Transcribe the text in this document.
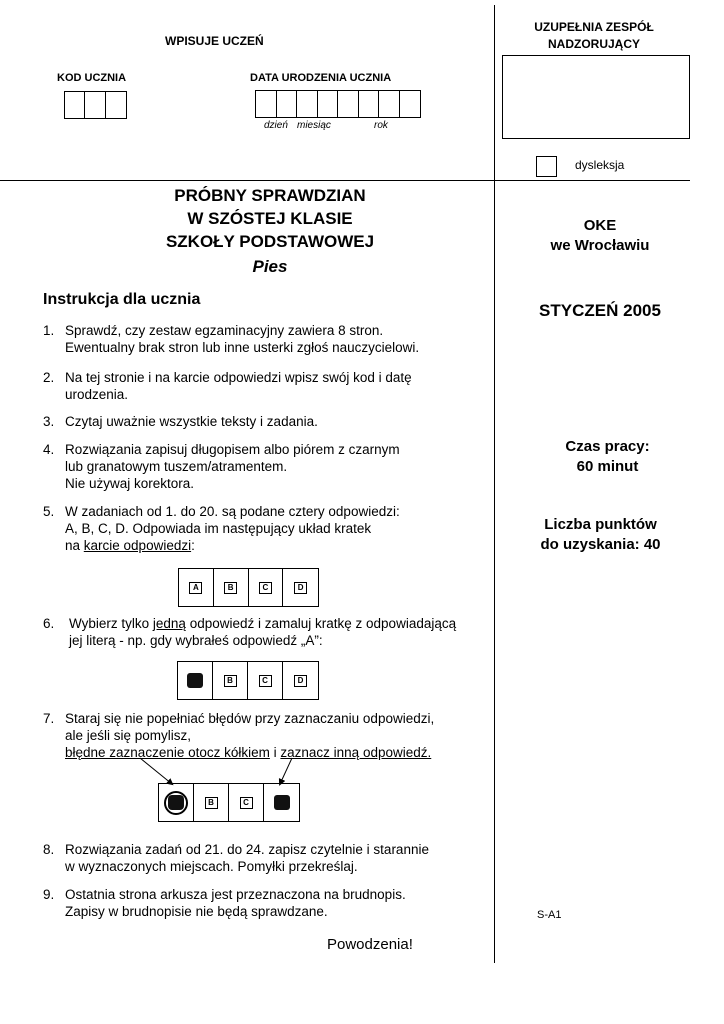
WPISUJE UCZEŃ
KOD UCZNIA	DATA URODZENIA UCZNIA
dzień miesiąc	rok
UZUPEŁNIA ZESPÓŁ
NADZORUJĄCY
dysleksja
PRÓBNY SPRAWDZIAN
W SZÓSTEJ KLASIE
SZKOŁY PODSTAWOWEJ
Pies
OKE
we Wrocławiu
STYCZEŃ 2005
Czas pracy:
60 minut
Liczba punktów
do uzyskania: 40
S-A1
Instrukcja dla ucznia
1. Sprawdź, czy zestaw egzaminacyjny zawiera 8 stron.
Ewentualny brak stron lub inne usterki zgłoś nauczycielowi.
2. Na tej stronie i na karcie odpowiedzi wpisz swój kod i datę
urodzenia.
3. Czytaj uważnie wszystkie teksty i zadania.
4. Rozwiązania zapisuj długopisem albo piórem z czarnym
lub granatowym tuszem/atramentem.
Nie używaj korektora.
5. W zadaniach od 1. do 20. są podane cztery odpowiedzi:
A, B, C, D. Odpowiada im następujący układ kratek
na karcie odpowiedzi:
A	B	C	D
6. Wybierz tylko jedną odpowiedź i zamaluj kratkę z odpowiadającą
jej literą - np. gdy wybrałeś odpowiedź „A”:
B	C	D
7. Staraj się nie popełniać błędów przy zaznaczaniu odpowiedzi,
ale jeśli się pomylisz,
błędne zaznaczenie otocz kółkiem i zaznacz inną odpowiedź.
B	C
8. Rozwiązania zadań od 21. do 24. zapisz czytelnie i starannie
w wyznaczonych miejscach. Pomyłki przekreślaj.
9. Ostatnia strona arkusza jest przeznaczona na brudnopis.
Zapisy w brudnopisie nie będą sprawdzane.
Powodzenia!
